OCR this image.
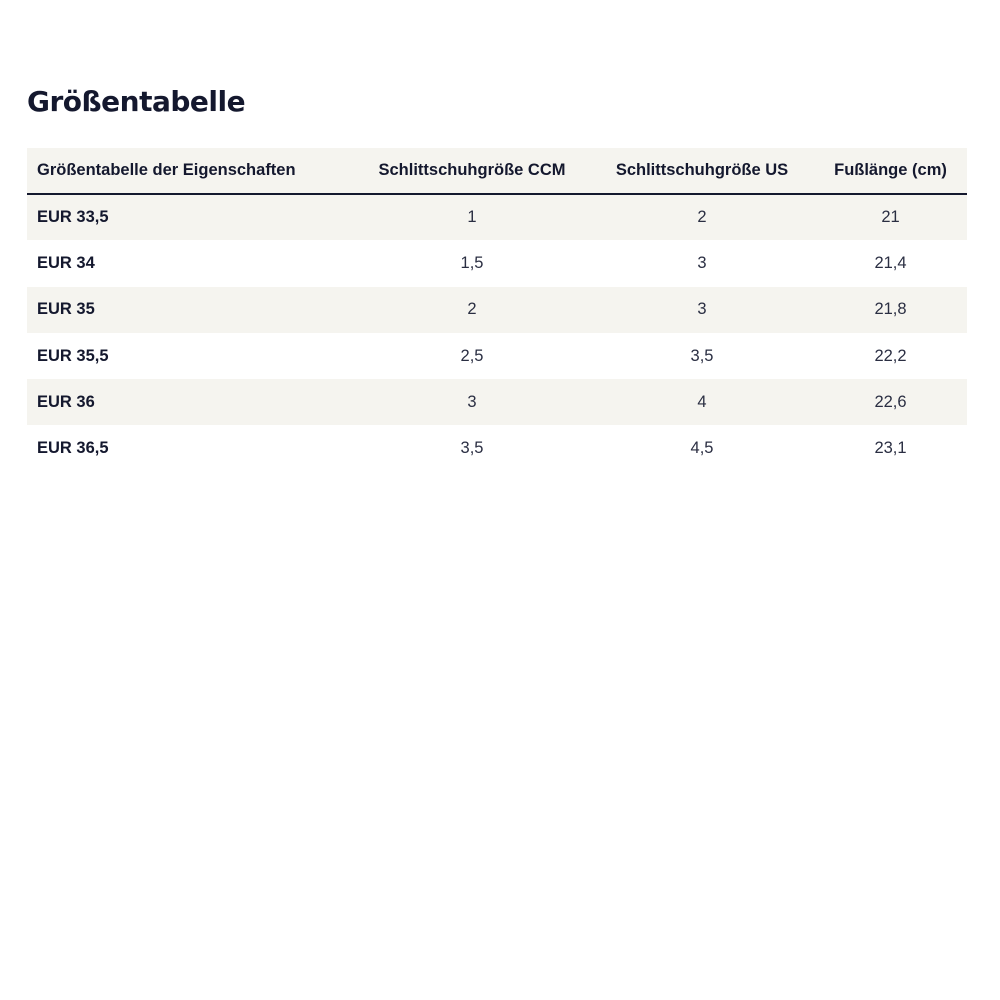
Größentabelle
Größentabelle der Eigenschaften	Schlittschuhgröße CCM	Schlittschuhgröße US	Fußlänge (cm)
EUR 33,5	1	2	21
EUR 34	1,5	3	21,4
EUR 35	2	3	21,8
EUR 35,5	2,5	3,5	22,2
EUR 36	3	4	22,6
EUR 36,5	3,5	4,5	23,1
